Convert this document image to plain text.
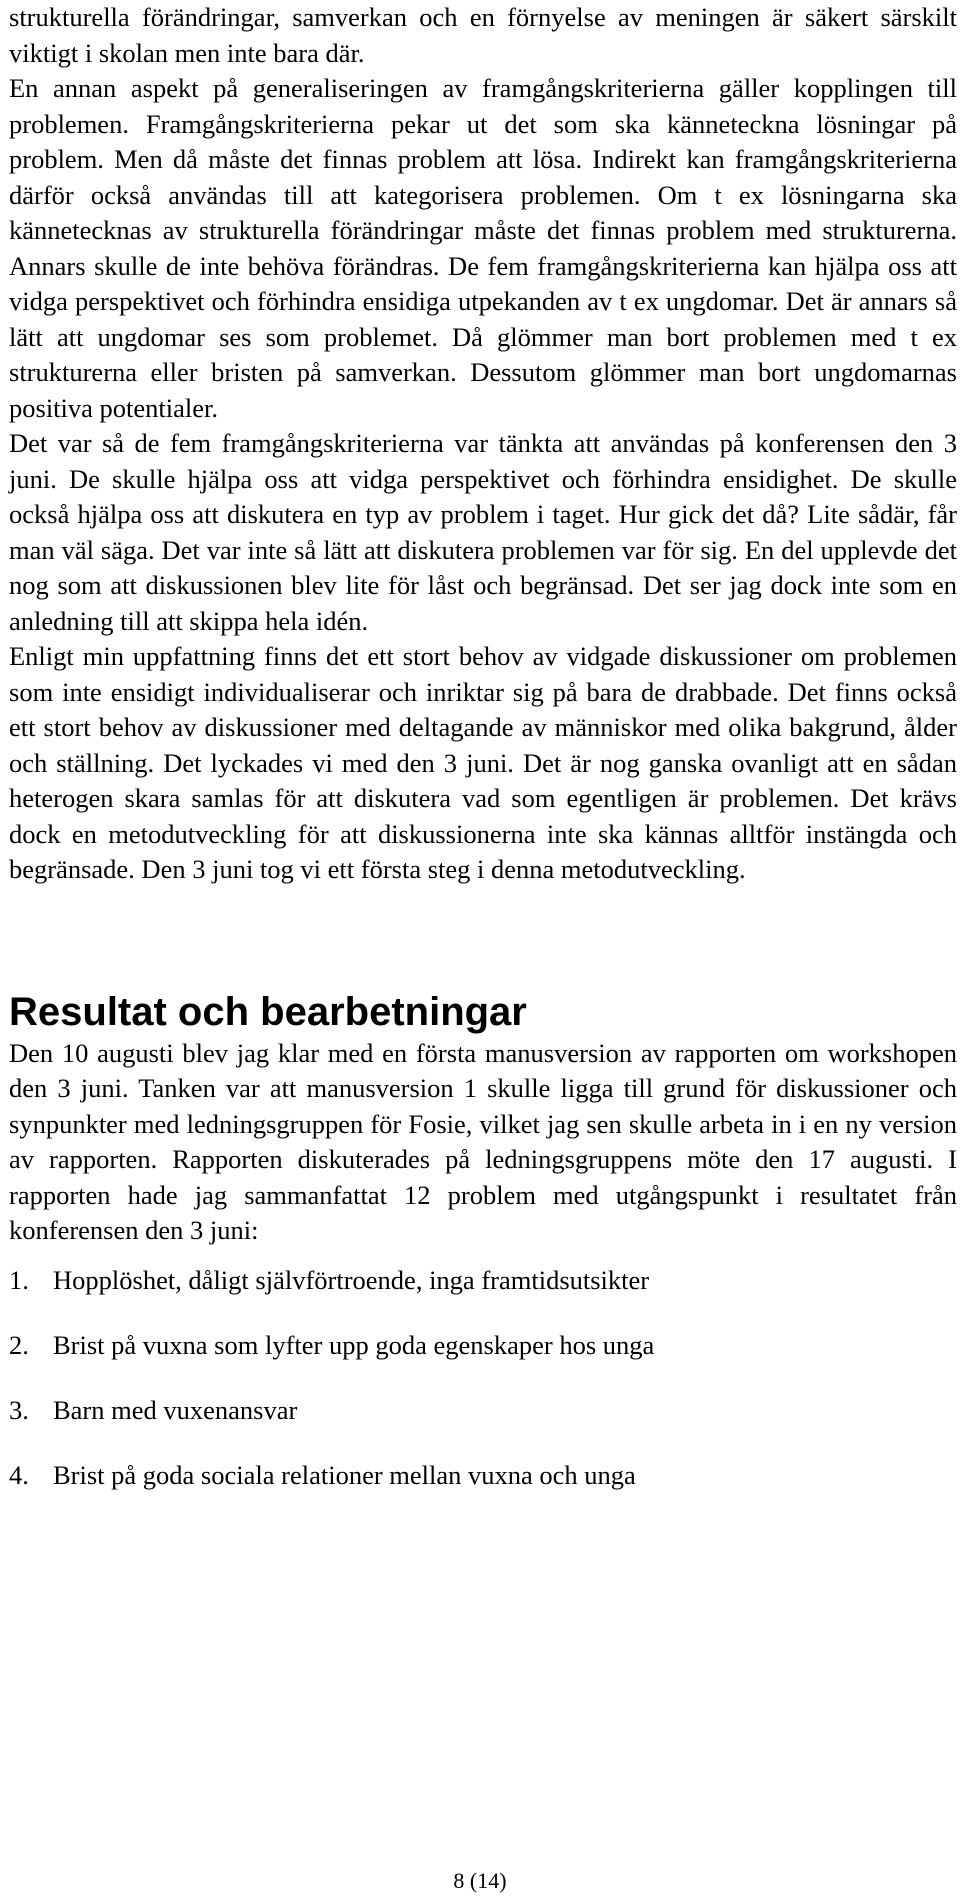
strukturella förändringar, samverkan och en förnyelse av meningen är säkert särskilt viktigt i skolan men inte bara där.

En annan aspekt på generaliseringen av framgångskriterierna gäller kopplingen till problemen. Framgångskriterierna pekar ut det som ska känneteckna lösningar på problem. Men då måste det finnas problem att lösa. Indirekt kan framgångskriterierna därför också användas till att kategorisera problemen. Om t ex lösningarna ska kännetecknas av strukturella förändringar måste det finnas problem med strukturerna. Annars skulle de inte behöva förändras. De fem framgångskriterierna kan hjälpa oss att vidga perspektivet och förhindra ensidiga utpekanden av t ex ungdomar. Det är annars så lätt att ungdomar ses som problemet. Då glömmer man bort problemen med t ex strukturerna eller bristen på samverkan. Dessutom glömmer man bort ungdomarnas positiva potentialer.

Det var så de fem framgångskriterierna var tänkta att användas på konferensen den 3 juni. De skulle hjälpa oss att vidga perspektivet och förhindra ensidighet. De skulle också hjälpa oss att diskutera en typ av problem i taget. Hur gick det då? Lite sådär, får man väl säga. Det var inte så lätt att diskutera problemen var för sig. En del upplevde det nog som att diskussionen blev lite för låst och begränsad. Det ser jag dock inte som en anledning till att skippa hela idén.

Enligt min uppfattning finns det ett stort behov av vidgade diskussioner om problemen som inte ensidigt individualiserar och inriktar sig på bara de drabbade. Det finns också ett stort behov av diskussioner med deltagande av människor med olika bakgrund, ålder och ställning. Det lyckades vi med den 3 juni. Det är nog ganska ovanligt att en sådan heterogen skara samlas för att diskutera vad som egentligen är problemen. Det krävs dock en metodutveckling för att diskussionerna inte ska kännas alltför instängda och begränsade. Den 3 juni tog vi ett första steg i denna metodutveckling.

Resultat och bearbetningar

Den 10 augusti blev jag klar med en första manusversion av rapporten om workshopen den 3 juni. Tanken var att manusversion 1 skulle ligga till grund för diskussioner och synpunkter med ledningsgruppen för Fosie, vilket jag sen skulle arbeta in i en ny version av rapporten. Rapporten diskuterades på ledningsgruppens möte den 17 augusti. I rapporten hade jag sammanfattat 12 problem med utgångspunkt i resultatet från konferensen den 3 juni:

1. Hopplöshet, dåligt självförtroende, inga framtidsutsikter
2. Brist på vuxna som lyfter upp goda egenskaper hos unga
3. Barn med vuxenansvar
4. Brist på goda sociala relationer mellan vuxna och unga
8 (14)
